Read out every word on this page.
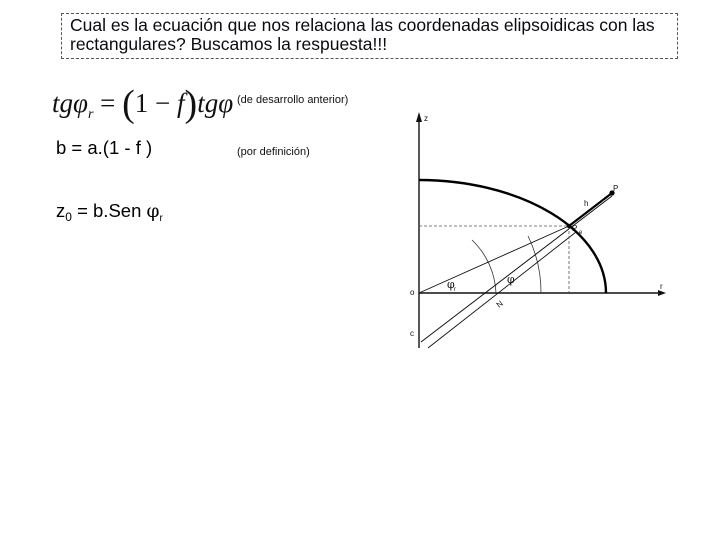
Cual es la ecuación que nos relaciona las coordenadas elipsoidicas con las rectangulares? Buscamos la respuesta!!!
tgφ$_r$ = (1 − f)tgφ (de desarrollo anterior)
b = a.(1 - f )	(por definición)
$z_0 = b.Sen$ $\varphi_r$
z
r
P
h
P e
o
c
N
φ r
φ
